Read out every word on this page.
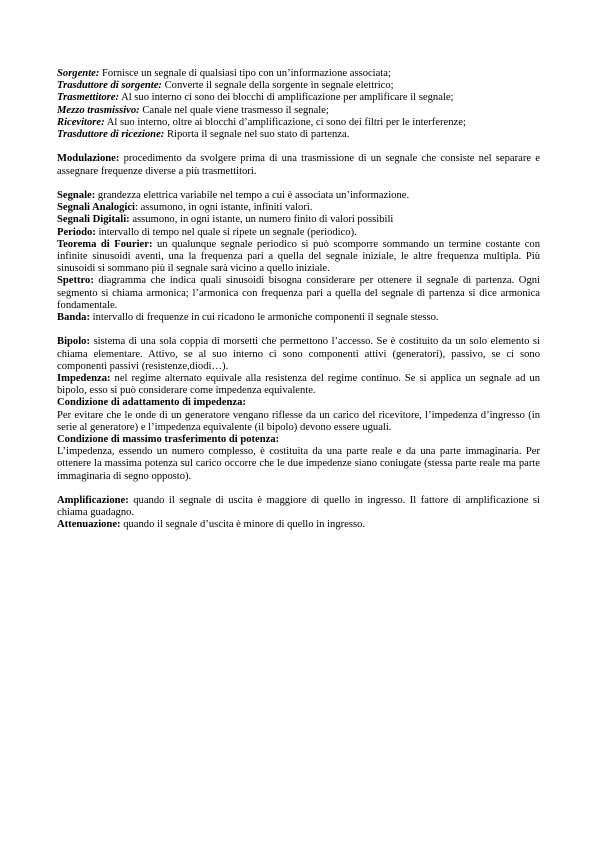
Sorgente: Fornisce un segnale di qualsiasi tipo con un’informazione associata;
Trasduttore di sorgente: Converte il segnale della sorgente in segnale elettrico;
Trasmettitore: Al suo interno ci sono dei blocchi di amplificazione per amplificare il segnale;
Mezzo trasmissivo: Canale nel quale viene trasmesso il segnale;
Ricevitore: Al suo interno, oltre ai blocchi d’amplificazione, ci sono dei filtri per le interferenze;
Trasduttore di ricezione: Riporta il segnale nel suo stato di partenza.
Modulazione: procedimento da svolgere prima di una trasmissione di un segnale che consiste nel separare e assegnare frequenze diverse a più trasmettitori.
Segnale: grandezza elettrica variabile nel tempo a cui è associata un’informazione.
Segnali Analogici: assumono, in ogni istante, infiniti valori.
Segnali Digitali: assumono, in ogni istante, un numero finito di valori possibili
Periodo: intervallo di tempo nel quale si ripete un segnale (periodico).
Teorema di Fourier: un qualunque segnale periodico si può scomporre sommando un termine costante con infinite sinusoidi aventi, una la frequenza pari a quella del segnale iniziale, le altre frequenza multipla. Più sinusoidi si sommano più il segnale sarà vicino a quello iniziale.
Spettro: diagramma che indica quali sinusoidi bisogna considerare per ottenere il segnale di partenza. Ogni segmento si chiama armonica; l’armonica con frequenza pari a quella del segnale di partenza si dice armonica fondamentale.
Banda: intervallo di frequenze in cui ricadono le armoniche componenti il segnale stesso.
Bipolo: sistema di una sola coppia di morsetti che permettono l’accesso. Se è costituito da un solo elemento si chiama elementare. Attivo, se al suo interno ci sono componenti attivi (generatori), passivo, se ci sono componenti passivi (resistenze,diodi…).
Impedenza: nel regime alternato equivale alla resistenza del regime continuo. Se si applica un segnale ad un bipolo, esso si può considerare come impedenza equivalente.
Condizione di adattamento di impedenza:
Per evitare che le onde di un generatore vengano riflesse da un carico del ricevitore, l’impedenza d’ingresso (in serie al generatore) e l’impedenza equivalente (il bipolo) devono essere uguali.
Condizione di massimo trasferimento di potenza:
L’impedenza, essendo un numero complesso, è costituita da una parte reale e da una parte immaginaria. Per ottenere la massima potenza sul carico occorre che le due impedenze siano coniugate (stessa parte reale ma parte immaginaria di segno opposto).
Amplificazione: quando il segnale di uscita è maggiore di quello in ingresso. Il fattore di amplificazione si chiama guadagno.
Attenuazione: quando il segnale d’uscita è minore di quello in ingresso.
